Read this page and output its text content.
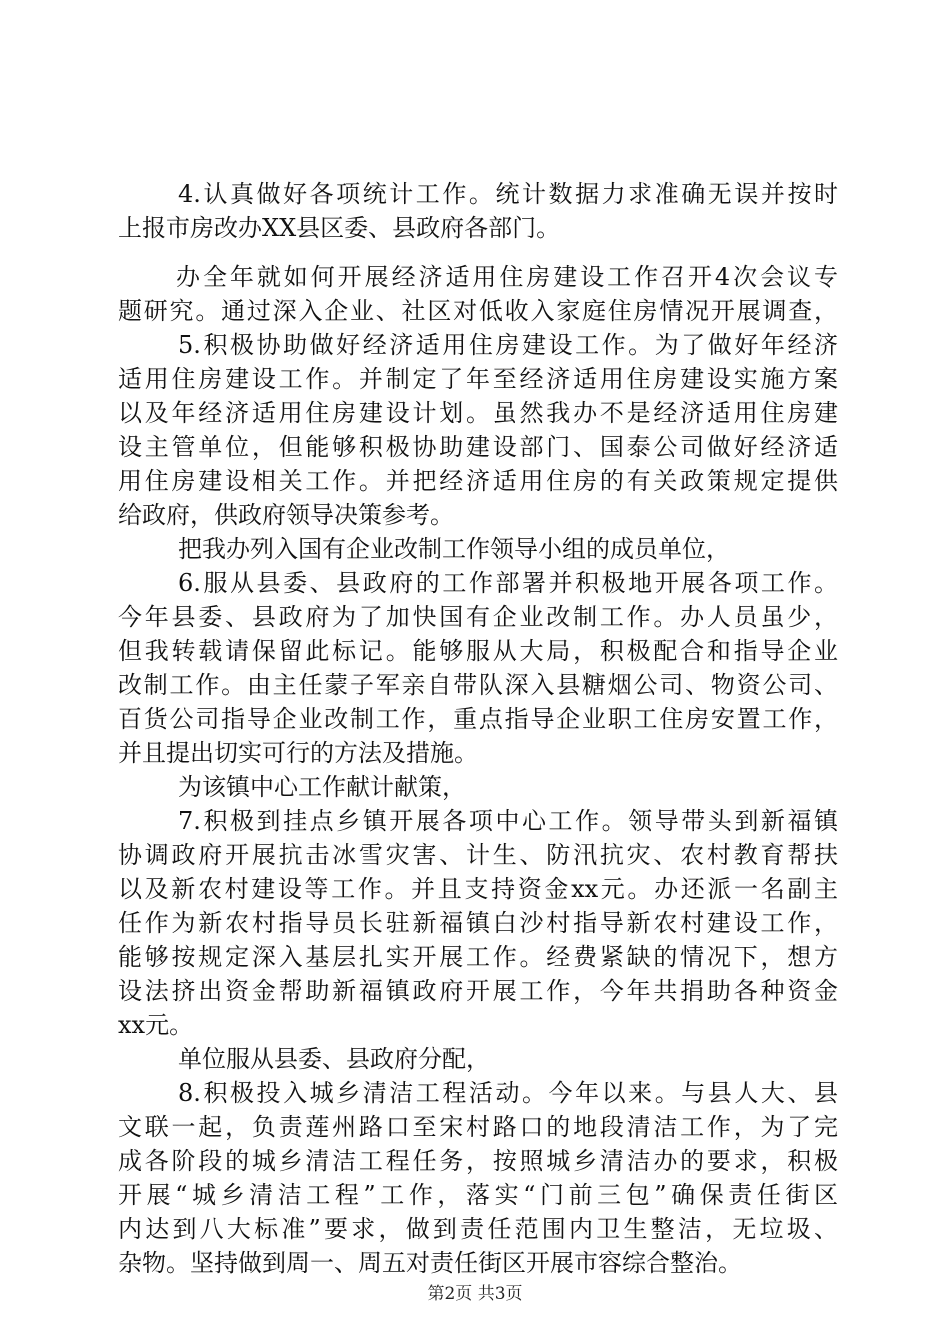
4.认真做好各项统计工作。统计数据力求准确无误并按时
上报市房改办XX县区委、县政府各部门。
办全年就如何开展经济适用住房建设工作召开4次会议专
题研究。通过深入企业、社区对低收入家庭住房情况开展调查，
5.积极协助做好经济适用住房建设工作。为了做好年经济
适用住房建设工作。并制定了年至经济适用住房建设实施方案
以及年经济适用住房建设计划。虽然我办不是经济适用住房建
设主管单位，但能够积极协助建设部门、国泰公司做好经济适
用住房建设相关工作。并把经济适用住房的有关政策规定提供
给政府，供政府领导决策参考。
把我办列入国有企业改制工作领导小组的成员单位，
6.服从县委、县政府的工作部署并积极地开展各项工作。
今年县委、县政府为了加快国有企业改制工作。办人员虽少，
但我转载请保留此标记。能够服从大局，积极配合和指导企业
改制工作。由主任蒙子军亲自带队深入县糖烟公司、物资公司、
百货公司指导企业改制工作，重点指导企业职工住房安置工作，
并且提出切实可行的方法及措施。
为该镇中心工作献计献策，
7.积极到挂点乡镇开展各项中心工作。领导带头到新福镇
协调政府开展抗击冰雪灾害、计生、防汛抗灾、农村教育帮扶
以及新农村建设等工作。并且支持资金xx元。办还派一名副主
任作为新农村指导员长驻新福镇白沙村指导新农村建设工作，
能够按规定深入基层扎实开展工作。经费紧缺的情况下，想方
设法挤出资金帮助新福镇政府开展工作，今年共捐助各种资金
xx元。
单位服从县委、县政府分配，
8.积极投入城乡清洁工程活动。今年以来。与县人大、县
文联一起，负责莲州路口至宋村路口的地段清洁工作，为了完
成各阶段的城乡清洁工程任务，按照城乡清洁办的要求，积极
开展“城乡清洁工程”工作，落实“门前三包”确保责任街区
内达到八大标准”要求，做到责任范围内卫生整洁，无垃圾、
杂物。坚持做到周一、周五对责任街区开展市容综合整治。
第2页 共3页
